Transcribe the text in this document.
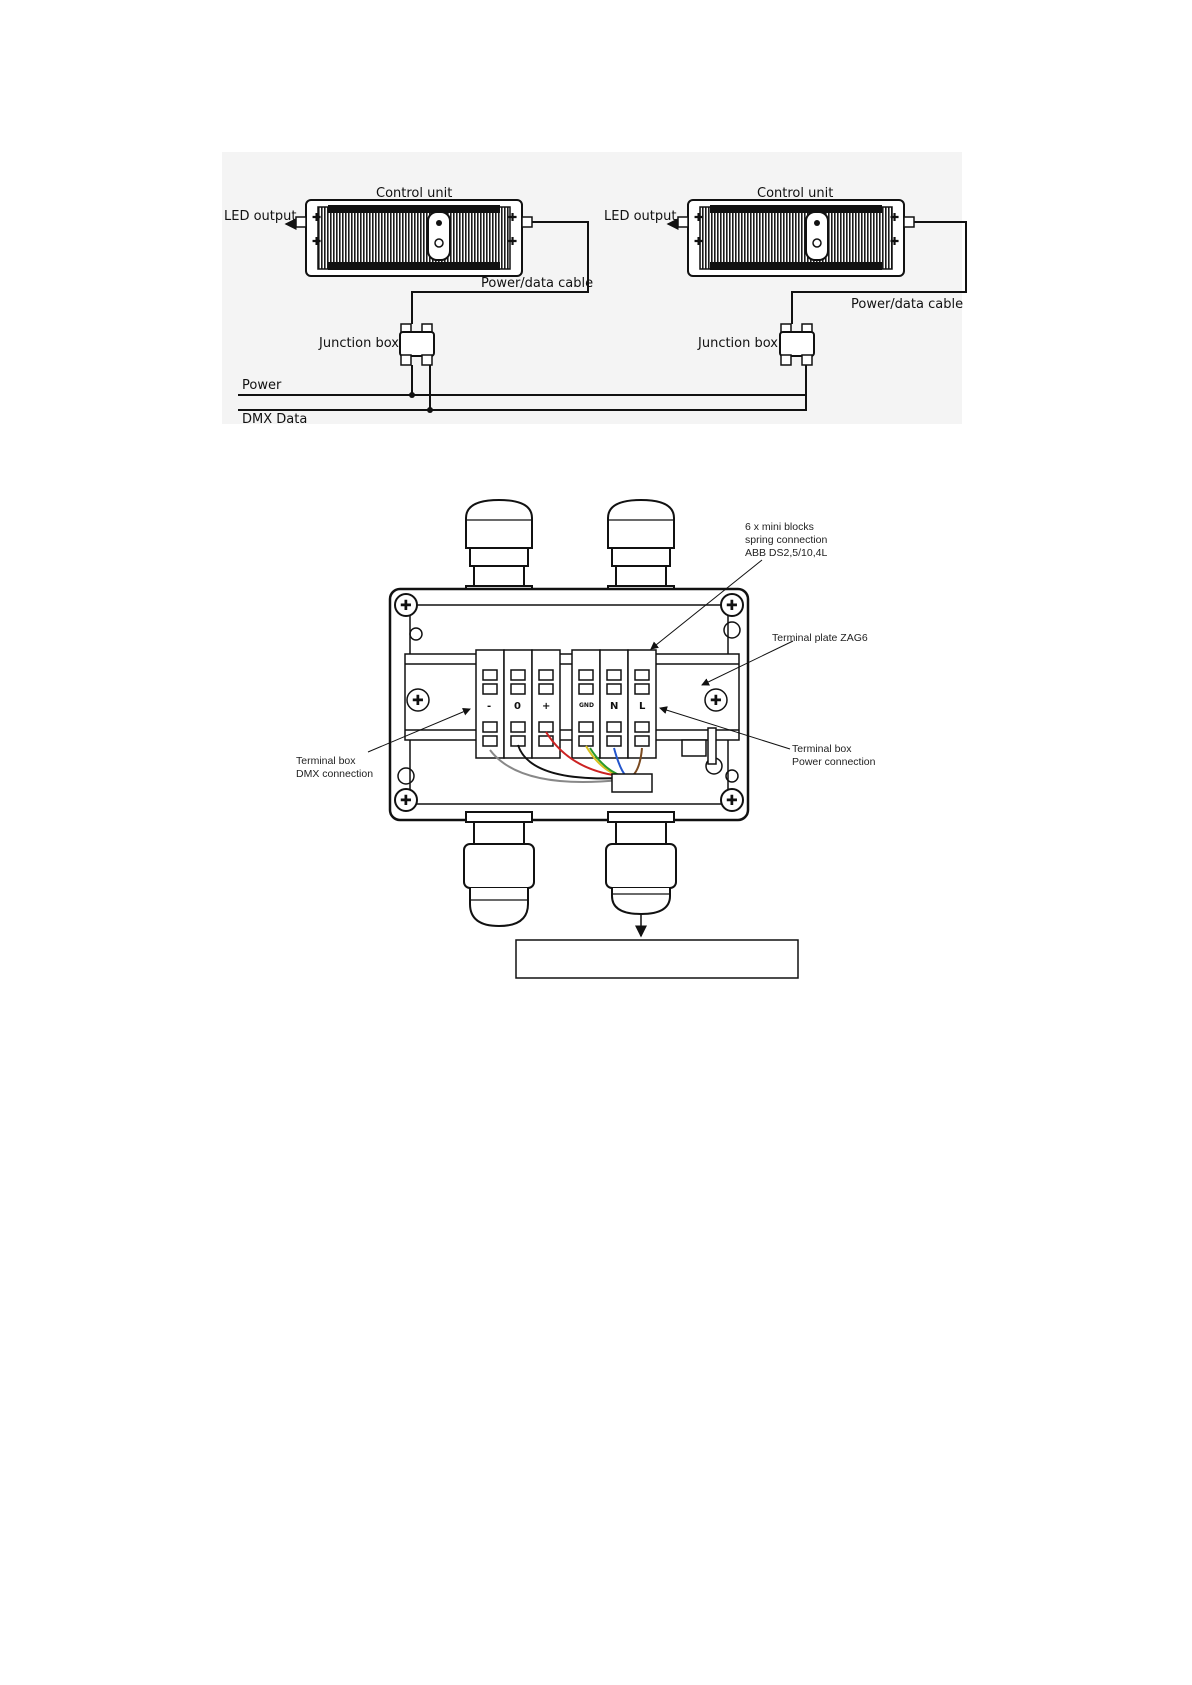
✚
✚
✚
✚
Control unit
LED output	✚
✚
✚
✚
Control unit
LED output
Power/data cable
Power/data cable
Junction box	Junction box
Power
DMX Data
✚	✚
✚	✚
✚	✚
- 0 +	GND N L
6 x mini blocks spring connection ABB DS2,5/10,4L
Terminal plate ZAG6
Terminal box DMX connection
Terminal box Power connection
